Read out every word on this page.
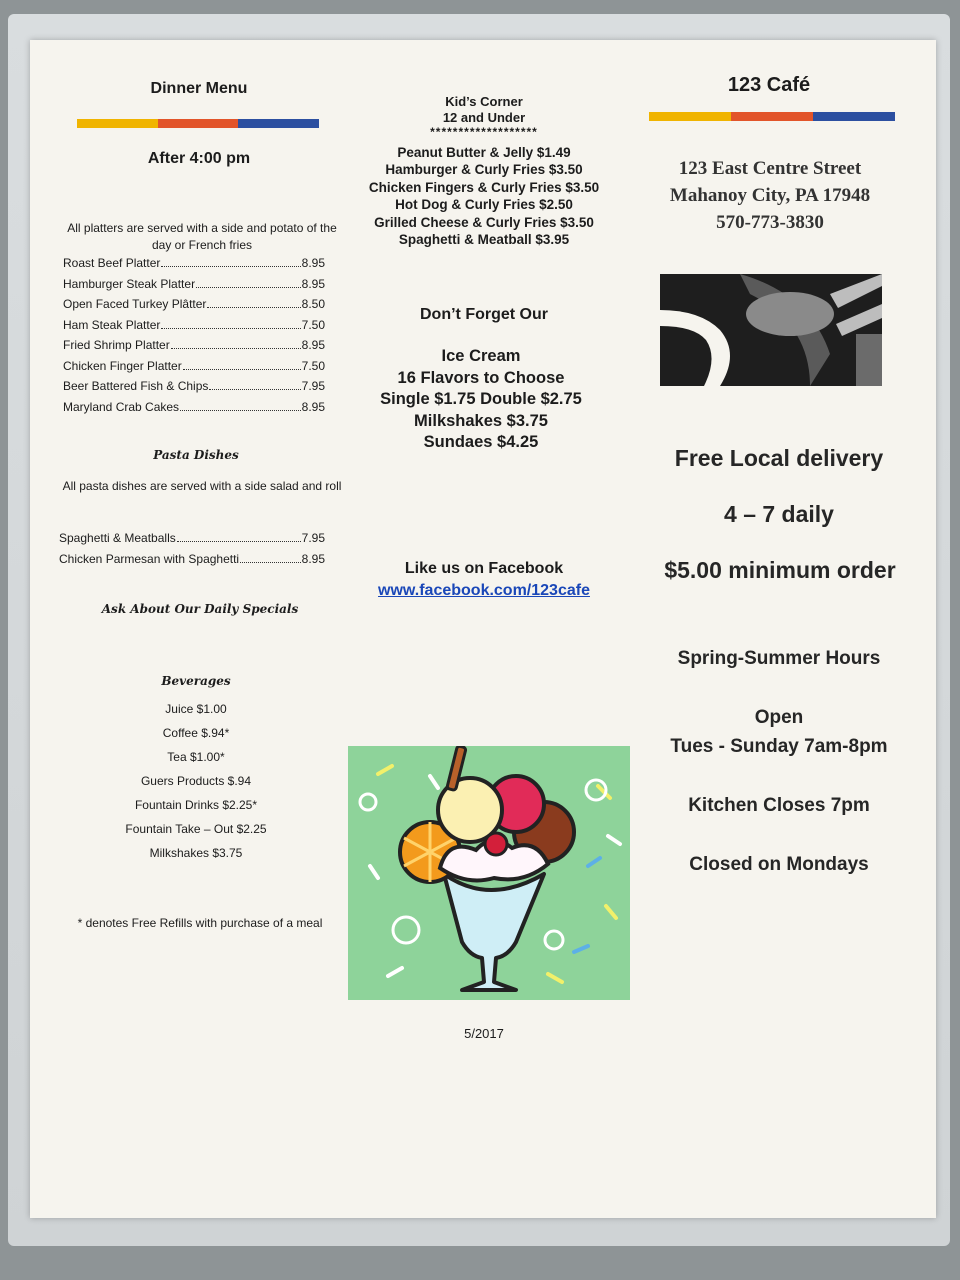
Dinner Menu
After 4:00 pm
All platters are served with a side and potato of the day or French fries
Roast Beef Platter	8.95
Hamburger Steak Platter	8.95
Open Faced Turkey Plâtter	8.50
Ham Steak Platter	7.50
Fried Shrimp Platter	8.95
Chicken Finger Platter	7.50
Beer Battered Fish & Chips	7.95
Maryland Crab Cakes	8.95
Pasta Dishes
All pasta dishes are served with a side salad and roll
Spaghetti & Meatballs	7.95
Chicken Parmesan with Spaghetti	8.95
Ask About Our Daily Specials
Beverages
Juice $1.00
Coffee $.94*
Tea $1.00*
Guers Products $.94
Fountain Drinks $2.25*
Fountain Take – Out $2.25
Milkshakes $3.75
* denotes Free Refills with purchase of a meal
Kid’s Corner
12 and Under
*******************
Peanut Butter & Jelly $1.49
Hamburger & Curly Fries $3.50
Chicken Fingers & Curly Fries $3.50
Hot Dog & Curly Fries $2.50
Grilled Cheese & Curly Fries $3.50
Spaghetti & Meatball $3.95
Don’t Forget Our
Ice Cream
16 Flavors to Choose
Single $1.75 Double $2.75
Milkshakes $3.75
Sundaes $4.25
Like us on Facebook
www.facebook.com/123cafe
5/2017
123 Café
123 East Centre Street
Mahanoy City, PA 17948
570-773-3830
Free Local delivery
4 – 7 daily
$5.00 minimum order
Spring-Summer Hours
Open
Tues - Sunday 7am-8pm
Kitchen Closes 7pm
Closed on Mondays
